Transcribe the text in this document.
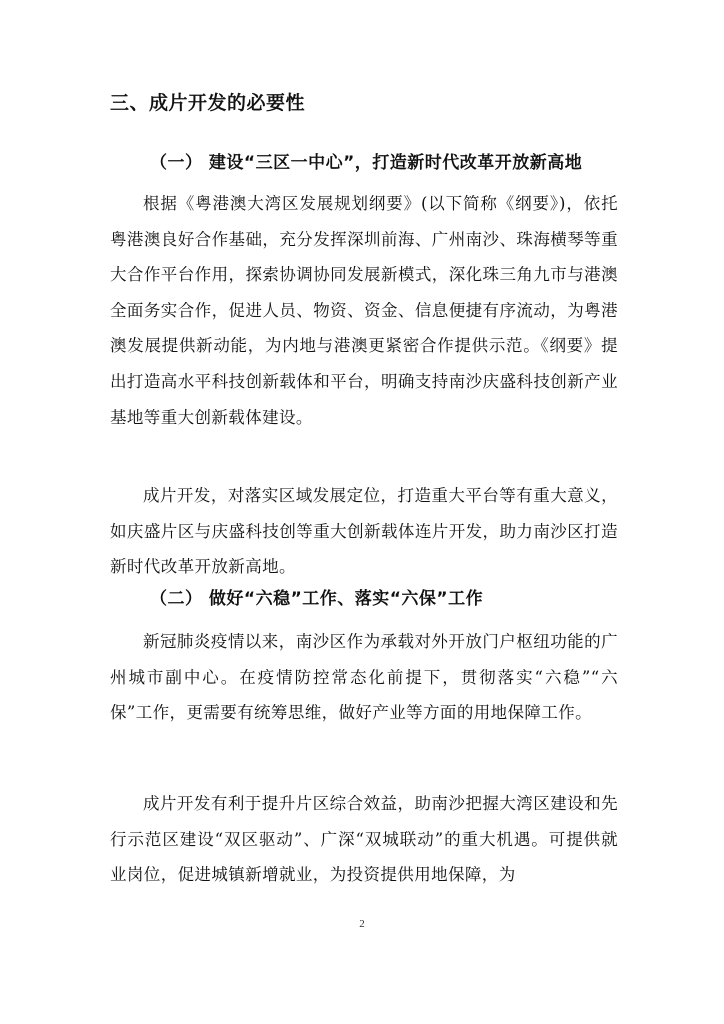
三、成片开发的必要性
（一） 建设“三区一中心”，打造新时代改革开放新高地

根据《粤港澳大湾区发展规划纲要》(以下简称《纲要》)，依托粤港澳良好合作基础，充分发挥深圳前海、广州南沙、珠海横琴等重大合作平台作用，探索协调协同发展新模式，深化珠三角九市与港澳全面务实合作，促进人员、物资、资金、信息便捷有序流动，为粤港澳发展提供新动能，为内地与港澳更紧密合作提供示范。《纲要》提出打造高水平科技创新载体和平台，明确支持南沙庆盛科技创新产业基地等重大创新载体建设。

成片开发，对落实区域发展定位，打造重大平台等有重大意义，如庆盛片区与庆盛科技创等重大创新载体连片开发，助力南沙区打造新时代改革开放新高地。

（二） 做好“六稳”工作、落实“六保”工作

新冠肺炎疫情以来，南沙区作为承载对外开放门户枢纽功能的广州城市副中心。在疫情防控常态化前提下，贯彻落实“六稳”“六保”工作，更需要有统筹思维，做好产业等方面的用地保障工作。

成片开发有利于提升片区综合效益，助南沙把握大湾区建设和先行示范区建设“双区驱动”、广深“双城联动”的重大机遇。可提供就业岗位，促进城镇新增就业，为投资提供用地保障，为

2
